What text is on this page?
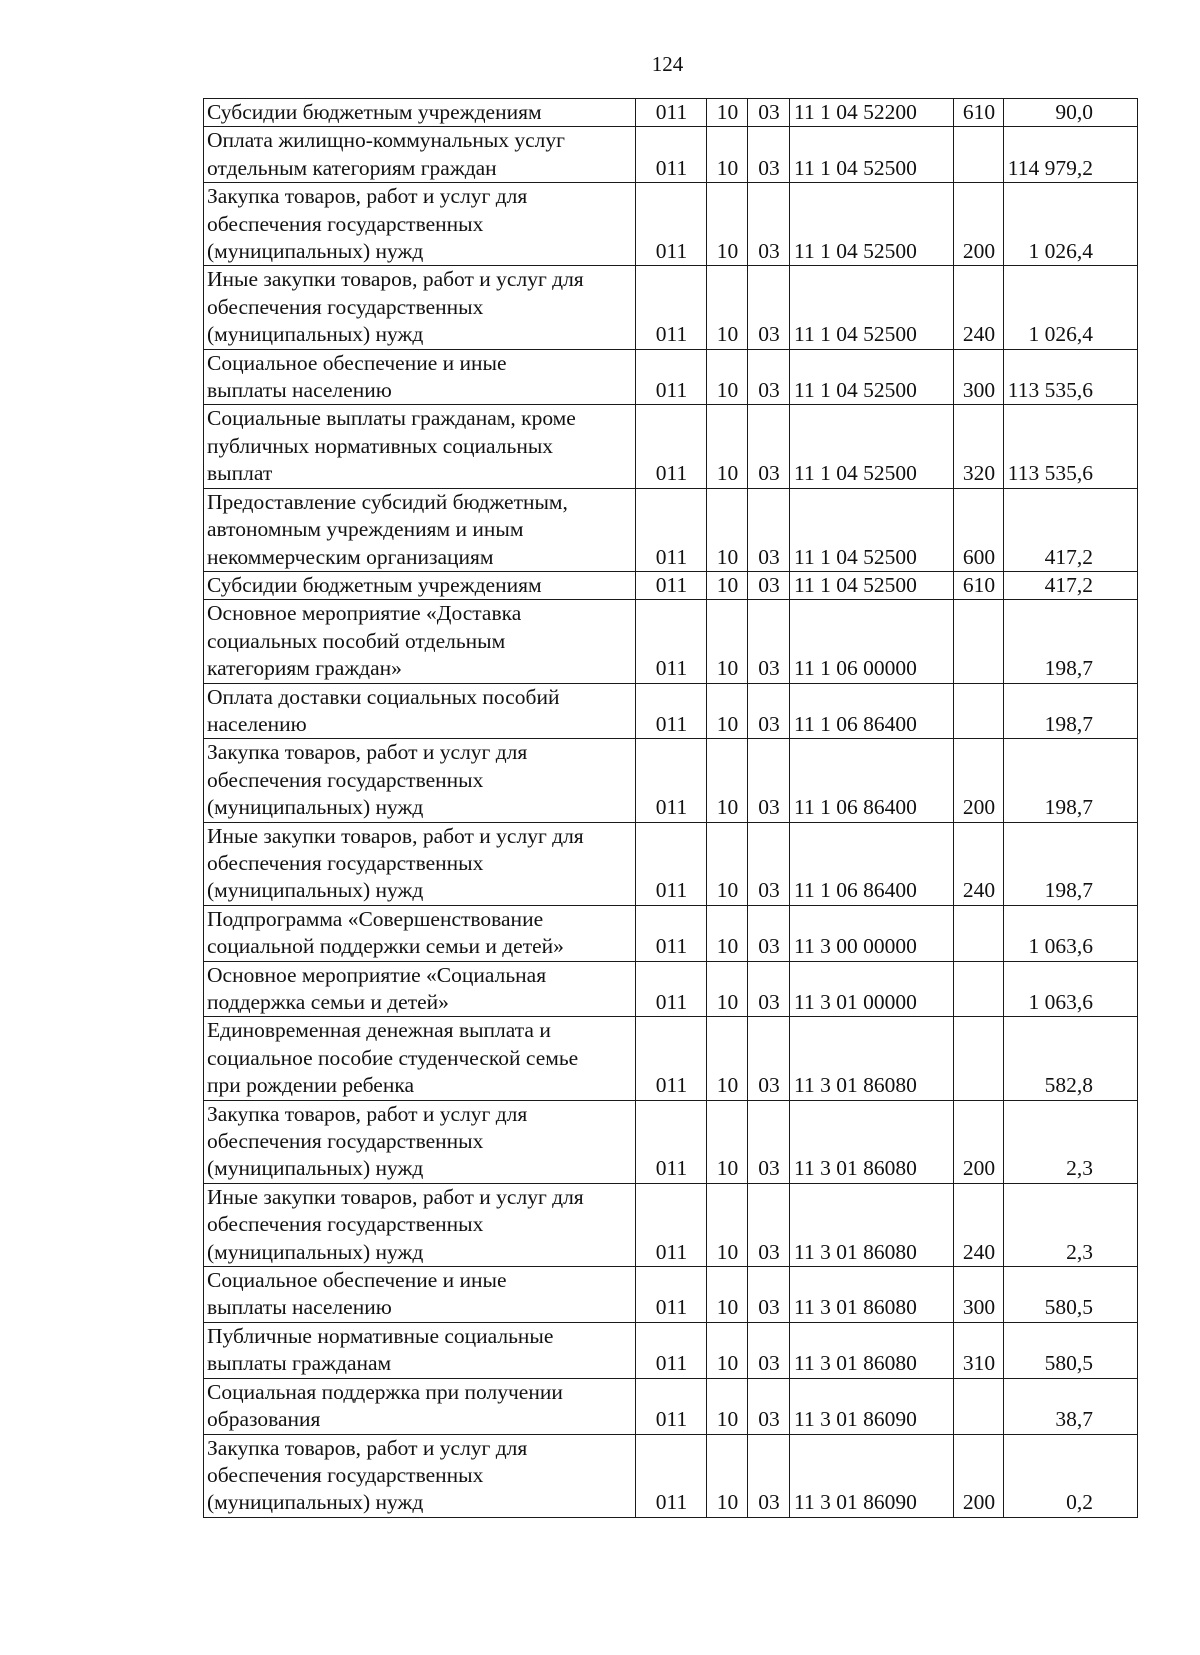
124
Субсидии бюджетным учреждениям	011	10	03	11 1 04 52200	610	90,0
Оплата жилищно-коммунальных услуг
отдельным категориям граждан	011	10	03	11 1 04 52500		114 979,2
Закупка товаров, работ и услуг для
обеспечения государственных
(муниципальных) нужд	011	10	03	11 1 04 52500	200	1 026,4
Иные закупки товаров, работ и услуг для
обеспечения государственных
(муниципальных) нужд	011	10	03	11 1 04 52500	240	1 026,4
Социальное обеспечение и иные
выплаты населению	011	10	03	11 1 04 52500	300	113 535,6
Социальные выплаты гражданам, кроме
публичных нормативных социальных
выплат	011	10	03	11 1 04 52500	320	113 535,6
Предоставление субсидий бюджетным,
автономным учреждениям и иным
некоммерческим организациям	011	10	03	11 1 04 52500	600	417,2
Субсидии бюджетным учреждениям	011	10	03	11 1 04 52500	610	417,2
Основное мероприятие «Доставка
социальных пособий отдельным
категориям граждан»	011	10	03	11 1 06 00000		198,7
Оплата доставки социальных пособий
населению	011	10	03	11 1 06 86400		198,7
Закупка товаров, работ и услуг для
обеспечения государственных
(муниципальных) нужд	011	10	03	11 1 06 86400	200	198,7
Иные закупки товаров, работ и услуг для
обеспечения государственных
(муниципальных) нужд	011	10	03	11 1 06 86400	240	198,7
Подпрограмма «Совершенствование
социальной поддержки семьи и детей»	011	10	03	11 3 00 00000		1 063,6
Основное мероприятие «Социальная
поддержка семьи и детей»	011	10	03	11 3 01 00000		1 063,6
Единовременная денежная выплата и
социальное пособие студенческой семье
при рождении ребенка	011	10	03	11 3 01 86080		582,8
Закупка товаров, работ и услуг для
обеспечения государственных
(муниципальных) нужд	011	10	03	11 3 01 86080	200	2,3
Иные закупки товаров, работ и услуг для
обеспечения государственных
(муниципальных) нужд	011	10	03	11 3 01 86080	240	2,3
Социальное обеспечение и иные
выплаты населению	011	10	03	11 3 01 86080	300	580,5
Публичные нормативные социальные
выплаты гражданам	011	10	03	11 3 01 86080	310	580,5
Социальная поддержка при получении
образования	011	10	03	11 3 01 86090		38,7
Закупка товаров, работ и услуг для
обеспечения государственных
(муниципальных) нужд	011	10	03	11 3 01 86090	200	0,2
